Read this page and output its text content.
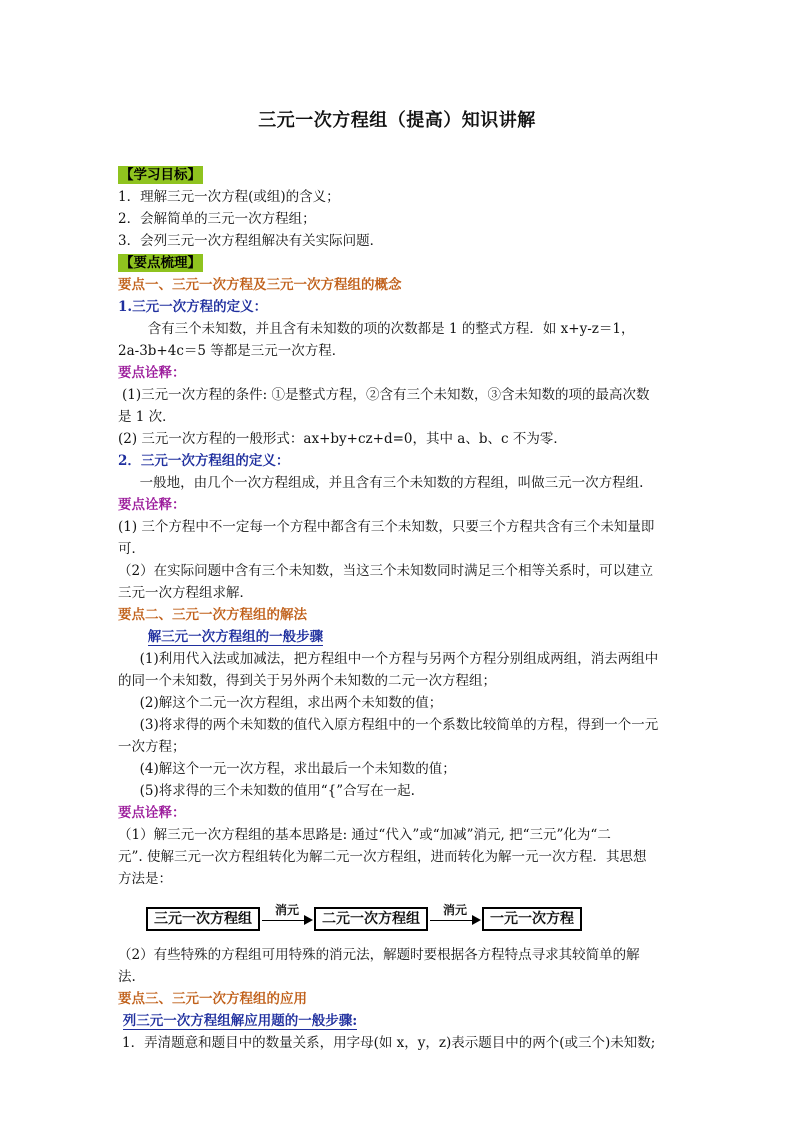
三元一次方程组（提高）知识讲解

【学习目标】

1．理解三元一次方程(或组)的含义；

2．会解简单的三元一次方程组；

3．会列三元一次方程组解决有关实际问题．

【要点梳理】

要点一、三元一次方程及三元一次方程组的概念

1.三元一次方程的定义：

含有三个未知数，并且含有未知数的项的次数都是 1 的整式方程．如 x+y-z＝1，

2a-3b+4c＝5 等都是三元一次方程．

要点诠释：

(1)三元一次方程的条件: ①是整式方程，②含有三个未知数，③含未知数的项的最高次数

是 1 次．

(2) 三元一次方程的一般形式：ax+by+cz+d=0，其中 a、b、c 不为零．

2．三元一次方程组的定义：

一般地，由几个一次方程组成，并且含有三个未知数的方程组，叫做三元一次方程组.

要点诠释：

(1) 三个方程中不一定每一个方程中都含有三个未知数，只要三个方程共含有三个未知量即

可．

（2）在实际问题中含有三个未知数，当这三个未知数同时满足三个相等关系时，可以建立

三元一次方程组求解．

要点二、三元一次方程组的解法

解三元一次方程组的一般步骤

(1)利用代入法或加减法，把方程组中一个方程与另两个方程分别组成两组，消去两组中

的同一个未知数，得到关于另外两个未知数的二元一次方程组；

(2)解这个二元一次方程组，求出两个未知数的值；

(3)将求得的两个未知数的值代入原方程组中的一个系数比较简单的方程，得到一个一元

一次方程；

(4)解这个一元一次方程，求出最后一个未知数的值；

(5)将求得的三个未知数的值用“{”合写在一起.

要点诠释：

（1）解三元一次方程组的基本思路是: 通过“代入”或“加减”消元, 把“三元”化为“二

元”. 使解三元一次方程组转化为解二元一次方程组，进而转化为解一元一次方程．其思想

方法是：

三元一次方程组
消元
二元一次方程组
消元
一元一次方程

（2）有些特殊的方程组可用特殊的消元法，解题时要根据各方程特点寻求其较简单的解

法.

要点三、三元一次方程组的应用

列三元一次方程组解应用题的一般步骤:

1．弄清题意和题目中的数量关系，用字母(如 x，y，z)表示题目中的两个(或三个)未知数;
